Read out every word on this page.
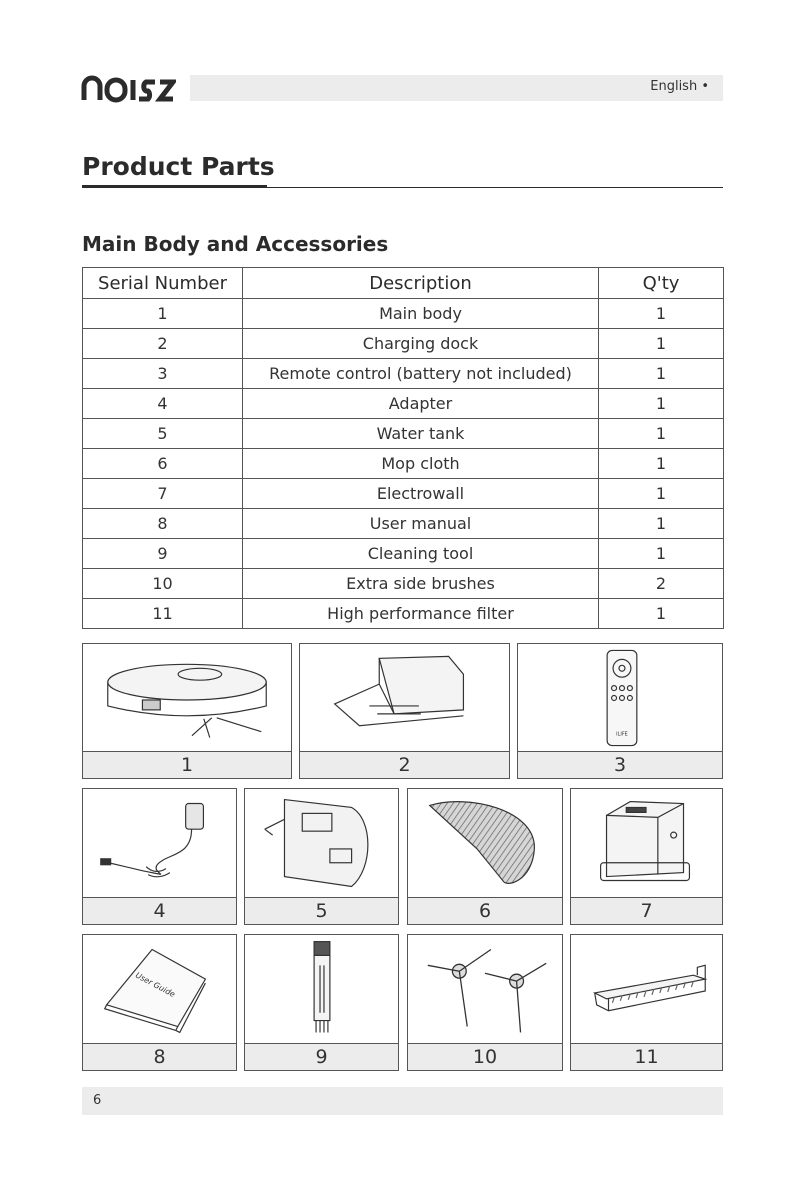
noisz
English •
Product Parts
Main Body and Accessories
Serial Number	Description	Q'ty
1	Main body	1
2	Charging dock	1
3	Remote control (battery not included)	1
4	Adapter	1
5	Water tank	1
6	Mop cloth	1
7	Electrowall	1
8	User manual	1
9	Cleaning tool	1
10	Extra side brushes	2
11	High performance filter	1
1	2
ILIFE
3
4	5	6	7
User Guide
8	9	10	11
6
